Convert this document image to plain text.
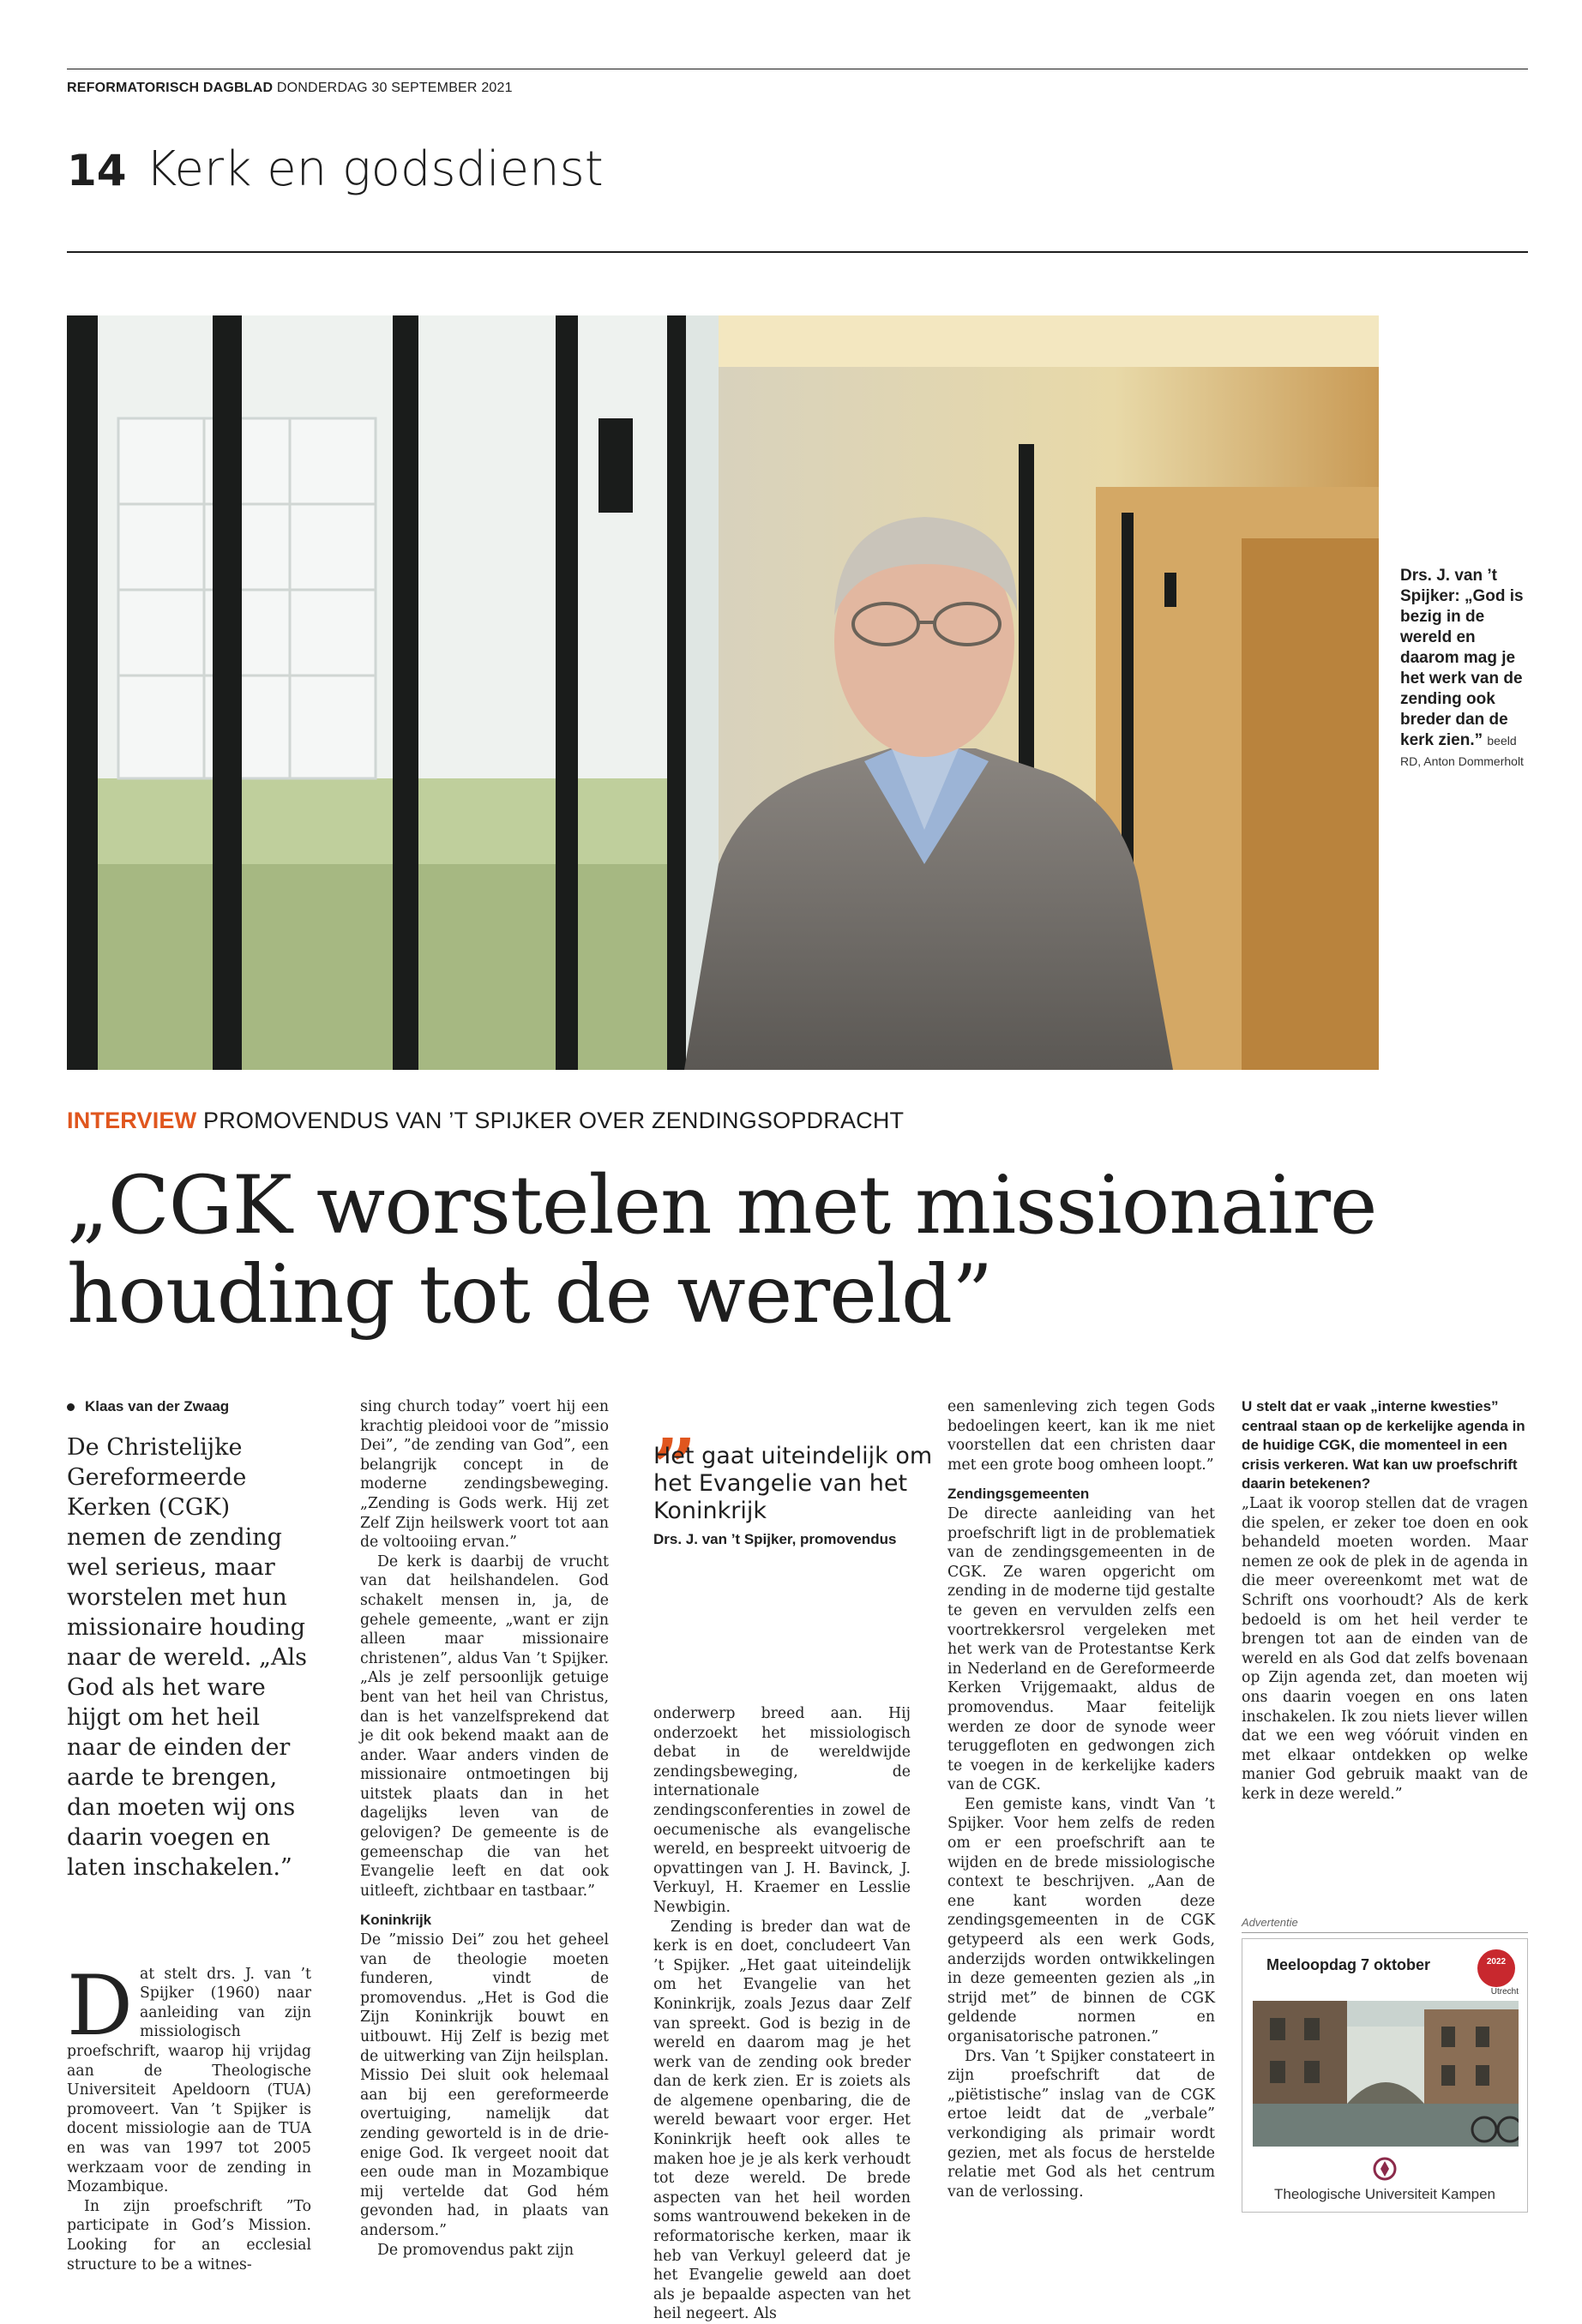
REFORMATORISCH DAGBLAD DONDERDAG 30 SEPTEMBER 2021
14 Kerk en godsdienst
Drs. J. van ’t Spijker: „God is bezig in de wereld en daarom mag je het werk van de zending ook breder dan de kerk zien.” beeld RD, Anton Dommerholt
INTERVIEW PROMOVENDUS VAN ’T SPIJKER OVER ZENDINGSOPDRACHT
„CGK worstelen met missionaire
houding tot de wereld”
Klaas van der Zwaag
De Christelijke Gereformeerde Kerken (CGK) nemen de zending wel serieus, maar worstelen met hun missionaire houding naar de wereld. „Als God als het ware hijgt om het heil naar de einden der aarde te brengen, dan moeten wij ons daarin voegen en laten inschakelen.”

Dat stelt drs. J. van ’t Spijker (1960) naar aanleiding van zijn missiologisch proefschrift, waarop hij vrijdag aan de Theologische Universiteit Apeldoorn (TUA) promoveert. Van ’t Spijker is docent missiologie aan de TUA en was van 1997 tot 2005 werkzaam voor de zending in Mozambique.

In zijn proefschrift ”To participate in God’s Mission. Looking for an ecclesial structure to be a witnes-

sing church today” voert hij een krachtig pleidooi voor de ”missio Dei”, ”de zending van God”, een belangrijk concept in de moderne zendingsbeweging. „Zending is Gods werk. Hij zet Zelf Zijn heilswerk voort tot aan de voltooiing ervan.”

De kerk is daarbij de vrucht van dat heilshandelen. God schakelt mensen in, ja, de gehele gemeente, „want er zijn alleen maar missionaire christenen”, aldus Van ’t Spijker. „Als je zelf persoonlijk getuige bent van het heil van Christus, dan is het vanzelfsprekend dat je dit ook bekend maakt aan de ander. Waar anders vinden de missionaire ontmoetingen bij uitstek plaats dan in het dagelijks leven van de gelovigen? De gemeente is de gemeenschap die van het Evangelie leeft en dat ook uitleeft, zichtbaar en tastbaar.”

Koninkrijk

De ”missio Dei” zou het geheel van de theologie moeten funderen, vindt de promovendus. „Het is God die Zijn Koninkrijk bouwt en uitbouwt. Hij Zelf is bezig met de uitwerking van Zijn heilsplan. Missio Dei sluit ook helemaal aan bij een gereformeerde overtuiging, namelijk dat zending geworteld is in de drie-enige God. Ik vergeet nooit dat een oude man in Mozambique mij vertelde dat God hém gevonden had, in plaats van andersom.”

De promovendus pakt zijn

„
Het gaat uiteindelijk om het Evangelie van het Koninkrijk
Drs. J. van ’t Spijker, promovendus

onderwerp breed aan. Hij onderzoekt het missiologisch debat in de wereldwijde zendingsbeweging, de internationale zendingsconferenties in zowel de oecumenische als evangelische wereld, en bespreekt uitvoerig de opvattingen van J. H. Bavinck, J. Verkuyl, H. Kraemer en Lesslie Newbigin.

Zending is breder dan wat de kerk is en doet, concludeert Van ’t Spijker. „Het gaat uiteindelijk om het Evangelie van het Koninkrijk, zoals Jezus daar Zelf van spreekt. God is bezig in de wereld en daarom mag je het werk van de zending ook breder dan de kerk zien. Er is zoiets als de algemene openbaring, die de wereld bewaart voor erger. Het Koninkrijk heeft ook alles te maken hoe je je als kerk verhoudt tot deze wereld. De brede aspecten van het heil worden soms wantrouwend bekeken in de reformatorische kerken, maar ik heb van Verkuyl geleerd dat je het Evangelie geweld aan doet als je bepaalde aspecten van het heil negeert. Als

een samenleving zich tegen Gods bedoelingen keert, kan ik me niet voorstellen dat een christen daar met een grote boog omheen loopt.”

Zendingsgemeenten

De directe aanleiding van het proefschrift ligt in de problematiek van de zendingsgemeenten in de CGK. Ze waren opgericht om zending in de moderne tijd gestalte te geven en vervulden zelfs een voortrekkersrol vergeleken met het werk van de Protestantse Kerk in Nederland en de Gereformeerde Kerken Vrijgemaakt, aldus de promovendus. Maar feitelijk werden ze door de synode weer teruggefloten en gedwongen zich te voegen in de kerkelijke kaders van de CGK.

Een gemiste kans, vindt Van ’t Spijker. Voor hem zelfs de reden om er een proefschrift aan te wijden en de brede missiologische context te beschrijven. „Aan de ene kant worden deze zendingsgemeenten in de CGK getypeerd als een werk Gods, anderzijds worden ontwikkelingen in deze gemeenten gezien als „in strijd met” de binnen de CGK geldende normen en organisatorische patronen.”

Drs. Van ’t Spijker constateert in zijn proefschrift dat de „piëtistische” inslag van de CGK ertoe leidt dat de „verbale” verkondiging als primair wordt gezien, met als focus de herstelde relatie met God als het centrum van de verlossing.

U stelt dat er vaak „interne kwesties” centraal staan op de kerkelijke agenda in de huidige CGK, die momenteel in een crisis verkeren. Wat kan uw proefschrift daarin betekenen?

„Laat ik voorop stellen dat de vragen die spelen, er zeker toe doen en ook behandeld moeten worden. Maar nemen ze ook de plek in de agenda in die meer overeenkomt met wat de Schrift ons voorhoudt? Als de kerk bedoeld is om het heil verder te brengen tot aan de einden van de wereld en als God dat zelfs bovenaan op Zijn agenda zet, dan moeten wij ons daarin voegen en ons laten inschakelen. Ik zou niets liever willen dat we een weg vóóruit vinden en met elkaar ontdekken op welke manier God gebruik maakt van de kerk in deze wereld.”

Advertentie
Meeloopdag 7 oktober	2022
Utrecht
Theologische Universiteit Kampen
